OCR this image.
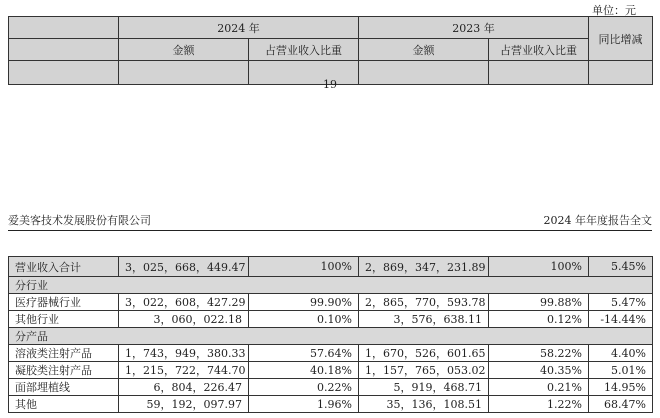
单位：元
	2024 年		2023 年		同比增减
	金额	占营业收入比重	金额	占营业收入比重	

19
爱美客技术发展股份有限公司	2024 年年度报告全文
营业收入合计	3，025，668，449.47	100%	2，869，347，231.89	100%	5.45%
分行业					
医疗器械行业	3，022，608，427.29	99.90%	2，865，770，593.78	99.88%	5.47%
其他行业	3，060，022.18	0.10%	3，576，638.11	0.12%	-14.44%
分产品					
溶液类注射产品	1，743，949，380.33	57.64%	1，670，526，601.65	58.22%	4.40%
凝胶类注射产品	1，215，722，744.70	40.18%	1，157，765，053.02	40.35%	5.01%
面部埋植线	6，804，226.47	0.22%	5，919，468.71	0.21%	14.95%
其他	59，192，097.97	1.96%	35，136，108.51	1.22%	68.47%
